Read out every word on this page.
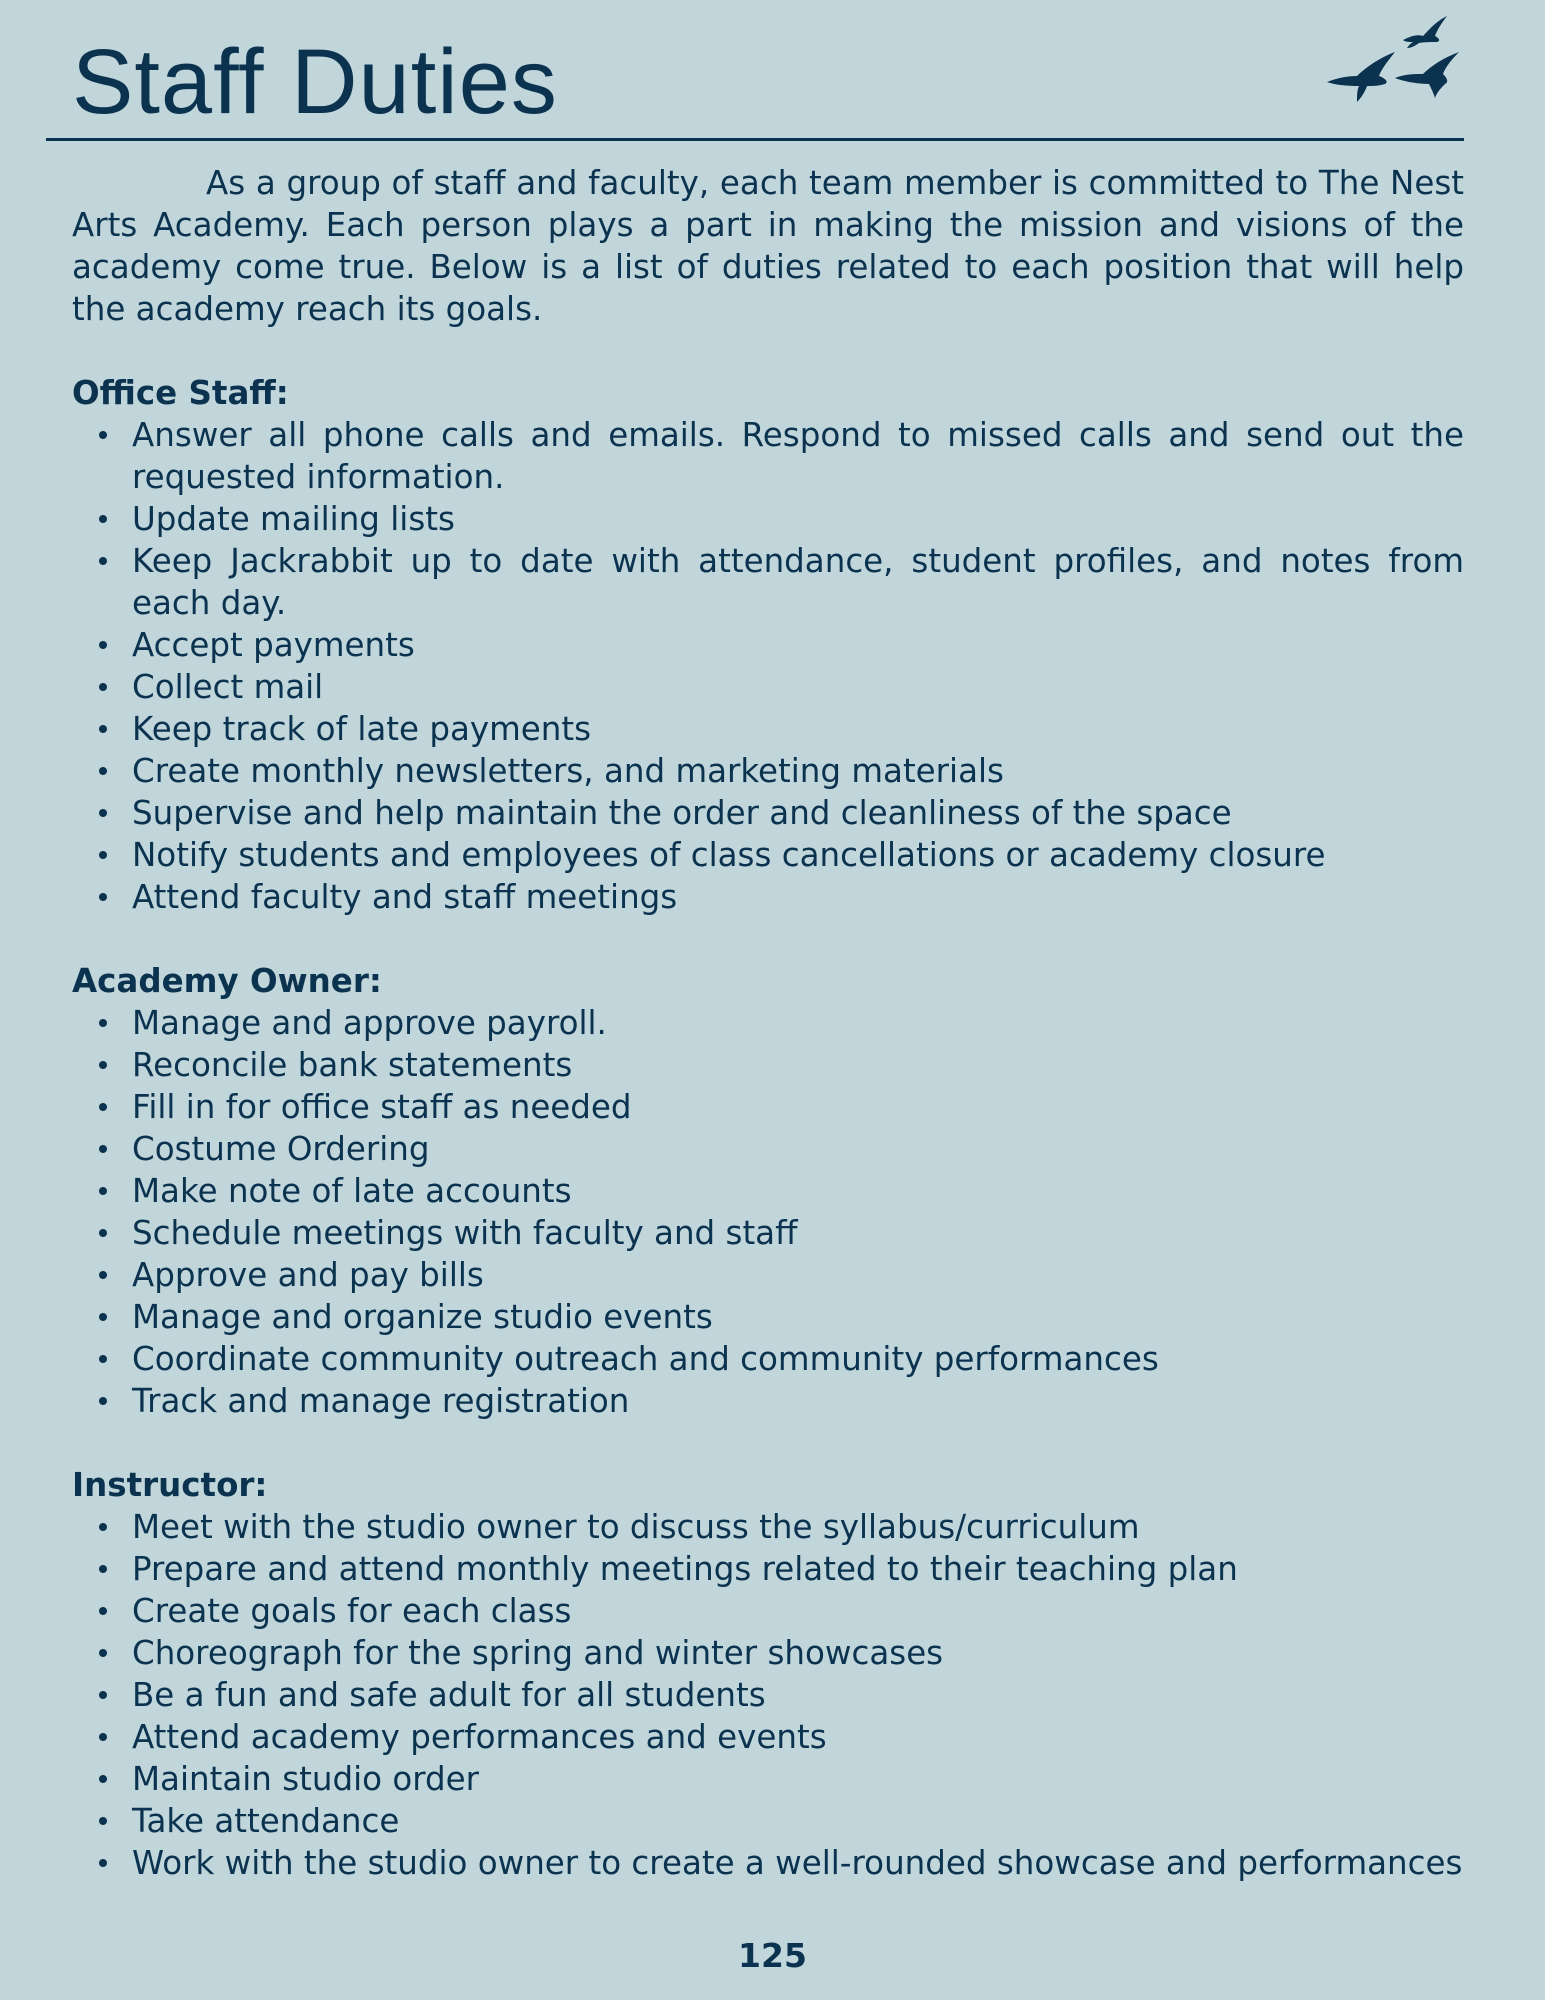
Staff Duties

As a group of staff and faculty, each team member is committed to The Nest Arts Academy. Each person plays a part in making the mission and visions of the academy come true. Below is a list of duties related to each position that will help the academy reach its goals.

Office Staff:
Answer all phone calls and emails. Respond to missed calls and send out the requested information.
Update mailing lists
Keep Jackrabbit up to date with attendance, student profiles, and notes from each day.
Accept payments
Collect mail
Keep track of late payments
Create monthly newsletters, and marketing materials
Supervise and help maintain the order and cleanliness of the space
Notify students and employees of class cancellations or academy closure
Attend faculty and staff meetings
Academy Owner:
Manage and approve payroll.
Reconcile bank statements
Fill in for office staff as needed
Costume Ordering
Make note of late accounts
Schedule meetings with faculty and staff
Approve and pay bills
Manage and organize studio events
Coordinate community outreach and community performances
Track and manage registration
Instructor:
Meet with the studio owner to discuss the syllabus/curriculum
Prepare and attend monthly meetings related to their teaching plan
Create goals for each class
Choreograph for the spring and winter showcases
Be a fun and safe adult for all students
Attend academy performances and events
Maintain studio order
Take attendance
Work with the studio owner to create a well-rounded showcase and performances
125
